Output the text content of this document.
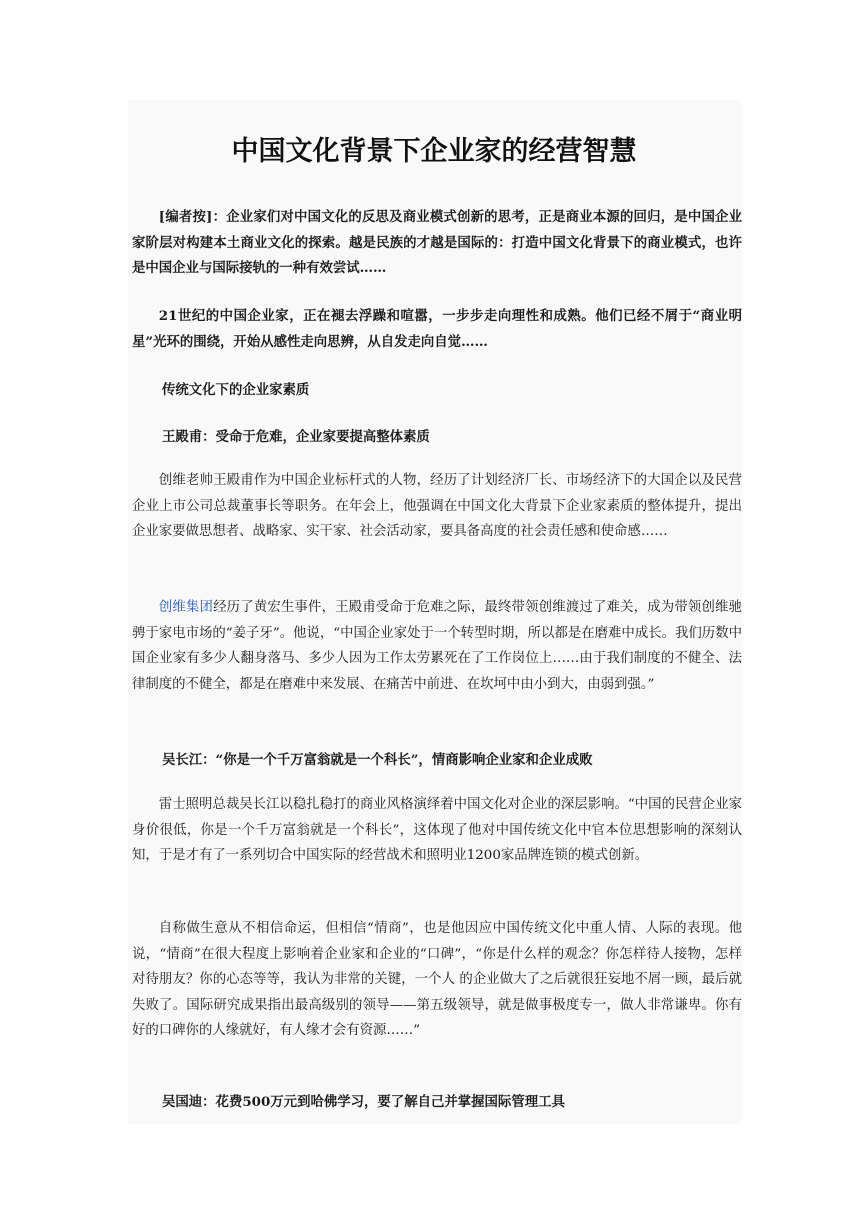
中国文化背景下企业家的经营智慧

[编者按]：企业家们对中国文化的反思及商业模式创新的思考，正是商业本源的回归，是中国企业家阶层对构建本土商业文化的探索。越是民族的才越是国际的：打造中国文化背景下的商业模式，也许是中国企业与国际接轨的一种有效尝试……

21世纪的中国企业家，正在褪去浮躁和喧嚣，一步步走向理性和成熟。他们已经不屑于“商业明星”光环的围绕，开始从感性走向思辨，从自发走向自觉……

传统文化下的企业家素质

王殿甫：受命于危难，企业家要提高整体素质

创维老帅王殿甫作为中国企业标杆式的人物，经历了计划经济厂长、市场经济下的大国企以及民营企业上市公司总裁董事长等职务。在年会上，他强调在中国文化大背景下企业家素质的整体提升，提出企业家要做思想者、战略家、实干家、社会活动家，要具备高度的社会责任感和使命感……

创维集团经历了黄宏生事件，王殿甫受命于危难之际，最终带领创维渡过了难关，成为带领创维驰骋于家电市场的“姜子牙”。他说，“中国企业家处于一个转型时期，所以都是在磨难中成长。我们历数中国企业家有多少人翻身落马、多少人因为工作太劳累死在了工作岗位上……由于我们制度的不健全、法律制度的不健全，都是在磨难中来发展、在痛苦中前进、在坎坷中由小到大，由弱到强。”

吴长江：“你是一个千万富翁就是一个科长”，情商影响企业家和企业成败

雷士照明总裁吴长江以稳扎稳打的商业风格演绎着中国文化对企业的深层影响。“中国的民营企业家身价很低，你是一个千万富翁就是一个科长”，这体现了他对中国传统文化中官本位思想影响的深刻认知，于是才有了一系列切合中国实际的经营战术和照明业1200家品牌连锁的模式创新。

自称做生意从不相信命运，但相信“情商”，也是他因应中国传统文化中重人情、人际的表现。他说，“情商”在很大程度上影响着企业家和企业的“口碑”，“你是什么样的观念？你怎样待人接物，怎样对待朋友？你的心态等等，我认为非常的关键，一个人 的企业做大了之后就很狂妄地不屑一顾，最后就失败了。国际研究成果指出最高级别的领导——第五级领导，就是做事极度专一，做人非常谦卑。你有好的口碑你的人缘就好，有人缘才会有资源……”

吴国迪：花费500万元到哈佛学习，要了解自己并掌握国际管理工具
